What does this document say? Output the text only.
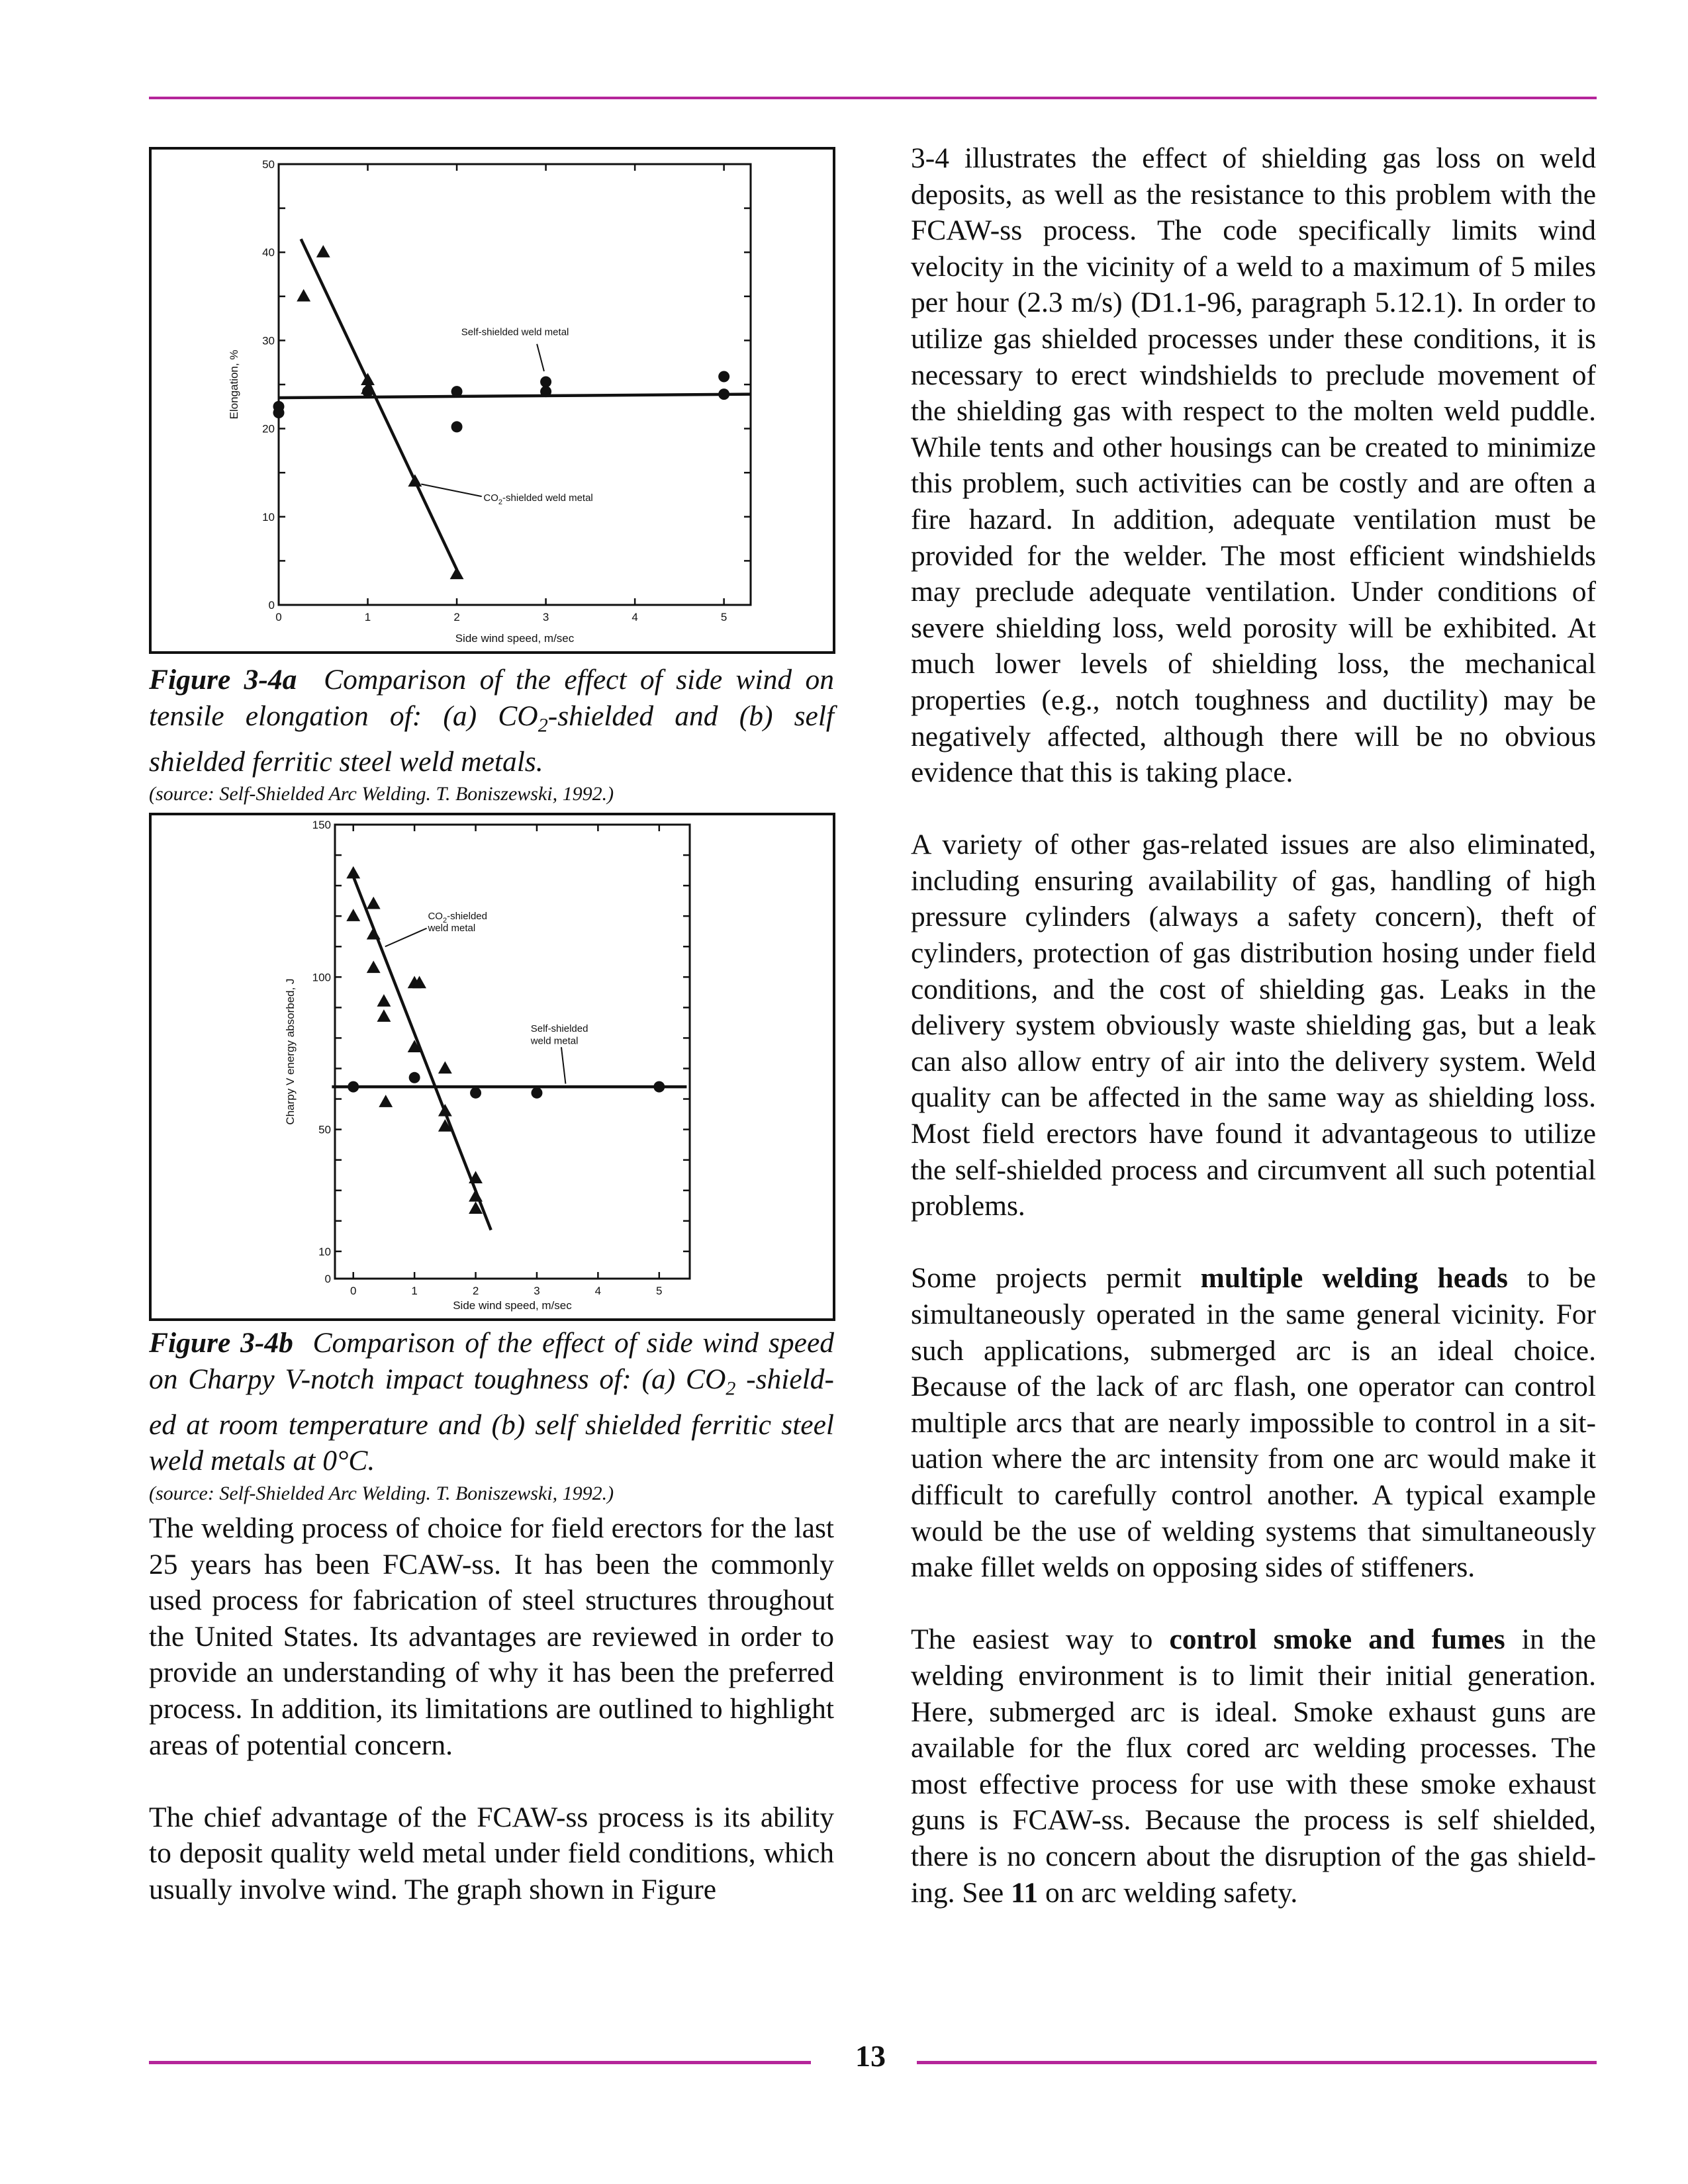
0
10
20
30
40
50
0	1	2	3	4	5
Side wind speed, m/sec
Elongation, %
Self-shielded weld metal
$CO_2$-shielded weld metal
Figure 3-4a Comparison of the effect of side wind on tensile elongation of: (a) $CO_2$-shielded and (b) self shielded ferritic steel weld metals.
(source: Self-Shielded Arc Welding. T. Boniszewski, 1992.)
0
10
50
100
150
0	1	2	3	4	5
Side wind speed, m/sec
Charpy V energy absorbed, J
$CO_2$-shielded
weld metal
Self-shielded
weld metal
Figure 3-4b Comparison of the effect of side wind speed on Charpy V-notch impact toughness of: (a) $CO_2$ -shield-ed at room temperature and (b) self shielded ferritic steel weld metals at 0°C.
(source: Self-Shielded Arc Welding. T. Boniszewski, 1992.)

The welding process of choice for field erectors for the last 25 years has been FCAW-ss. It has been the commonly used process for fabrication of steel structures throughout the United States. Its advantages are reviewed in order to provide an understanding of why it has been the preferred process. In addition, its limitations are outlined to highlight areas of potential concern.

The chief advantage of the FCAW-ss process is its ability to deposit quality weld metal under field conditions, which usually involve wind. The graph shown in Figure

3-4 illustrates the effect of shielding gas loss on weld deposits, as well as the resistance to this problem with the FCAW-ss process. The code specifically limits wind velocity in the vicinity of a weld to a maximum of 5 miles per hour (2.3 m/s) (D1.1-96, paragraph 5.12.1). In order to utilize gas shielded processes under these conditions, it is necessary to erect windshields to preclude movement of the shielding gas with respect to the molten weld puddle. While tents and other housings can be created to minimize this problem, such activities can be costly and are often a fire hazard. In addition, adequate ventilation must be provided for the welder. The most efficient windshields may preclude adequate ventilation. Under conditions of severe shielding loss, weld porosity will be exhibited. At much lower levels of shielding loss, the mechanical properties (e.g., notch toughness and ductility) may be negatively affected, although there will be no obvious evidence that this is taking place.

A variety of other gas-related issues are also eliminated, including ensuring availability of gas, handling of high pressure cylinders (always a safety concern), theft of cylinders, protection of gas distribution hosing under field conditions, and the cost of shielding gas. Leaks in the delivery system obviously waste shielding gas, but a leak can also allow entry of air into the delivery system. Weld quality can be affected in the same way as shielding loss. Most field erectors have found it advantageous to utilize the self-shielded process and circumvent all such potential problems.

Some projects permit multiple welding heads to be simultaneously operated in the same general vicinity. For such applications, submerged arc is an ideal choice. Because of the lack of arc flash, one operator can control multiple arcs that are nearly impossible to control in a situation where the arc intensity from one arc would make it difficult to carefully control another. A typical example would be the use of welding systems that simultaneously make fillet welds on opposing sides of stiffeners.

The easiest way to control smoke and fumes in the welding environment is to limit their initial generation. Here, submerged arc is ideal. Smoke exhaust guns are available for the flux cored arc welding processes. The most effective process for use with these smoke exhaust guns is FCAW-ss. Because the process is self shielded, there is no concern about the disruption of the gas shielding. See 11 on arc welding safety.

13
